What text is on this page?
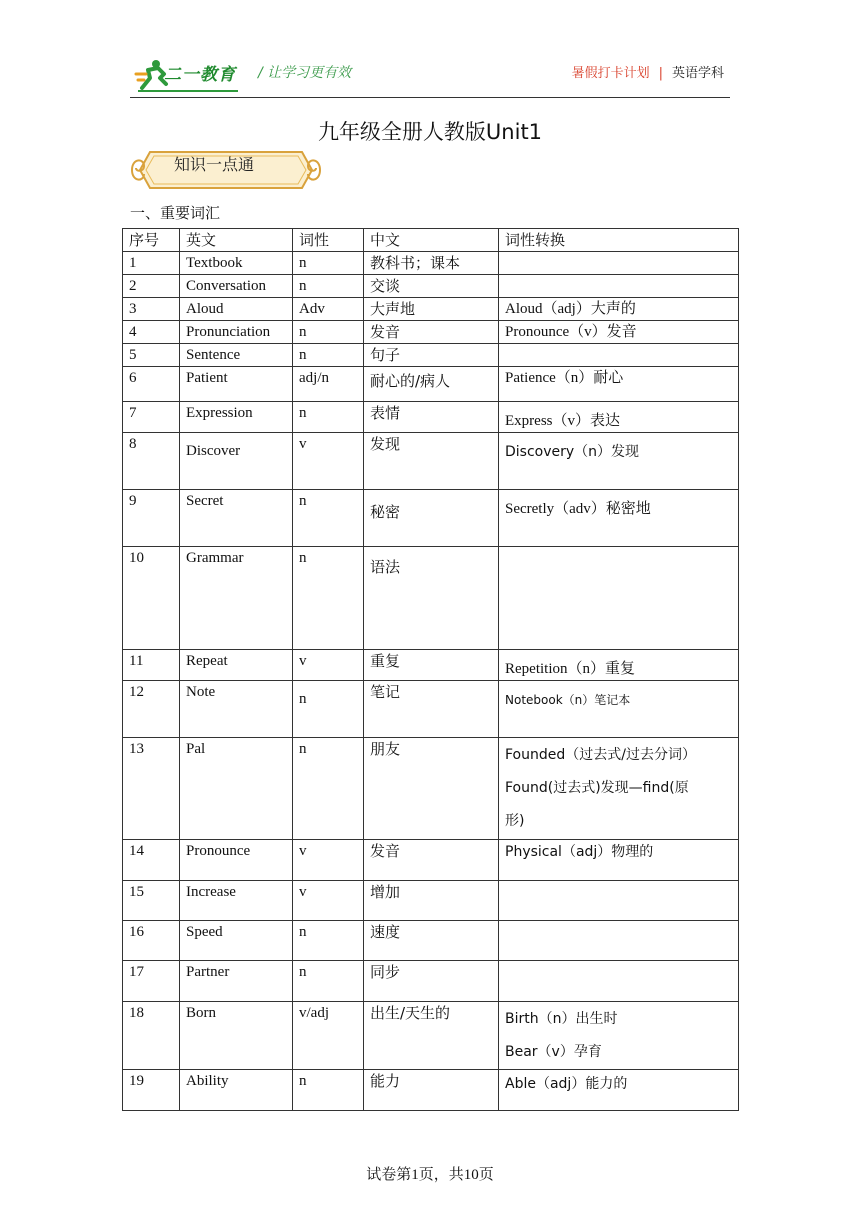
二一教育 / 让学习更有效	暑假打卡计划 | 英语学科
九年级全册人教版Unit1
知识一点通
一、重要词汇
序号	英文	词性	中文	词性转换
1	Textbook	n	教科书；课本	
2	Conversation	n	交谈	
3	Aloud	Adv	大声地	Aloud（adj）大声的
4	Pronunciation	n	发音	Pronounce（v）发音
5	Sentence	n	句子	
6	Patient	adj/n	耐心的/病人	Patience（n）耐心
7	Expression	n	表情	Express（v）表达
8	Discover	v	发现	Discovery（n）发现
9	Secret	n	秘密	Secretly（adv）秘密地
10	Grammar	n	语法	
11	Repeat	v	重复	Repetition（n）重复
12	Note	n	笔记	Notebook（n）笔记本
13	Pal	n	朋友	Founded（过去式/过去分词）

Found(过去式)发现—find(原

形)

14	Pronounce	v	发音	Physical（adj）物理的
15	Increase	v	增加	
16	Speed	n	速度	
17	Partner	n	同步	
18	Born	v/adj	出生/天生的	Birth（n）出生时

Bear（v）孕育

19	Ability	n	能力	Able（adj）能力的
试卷第1页，共10页
